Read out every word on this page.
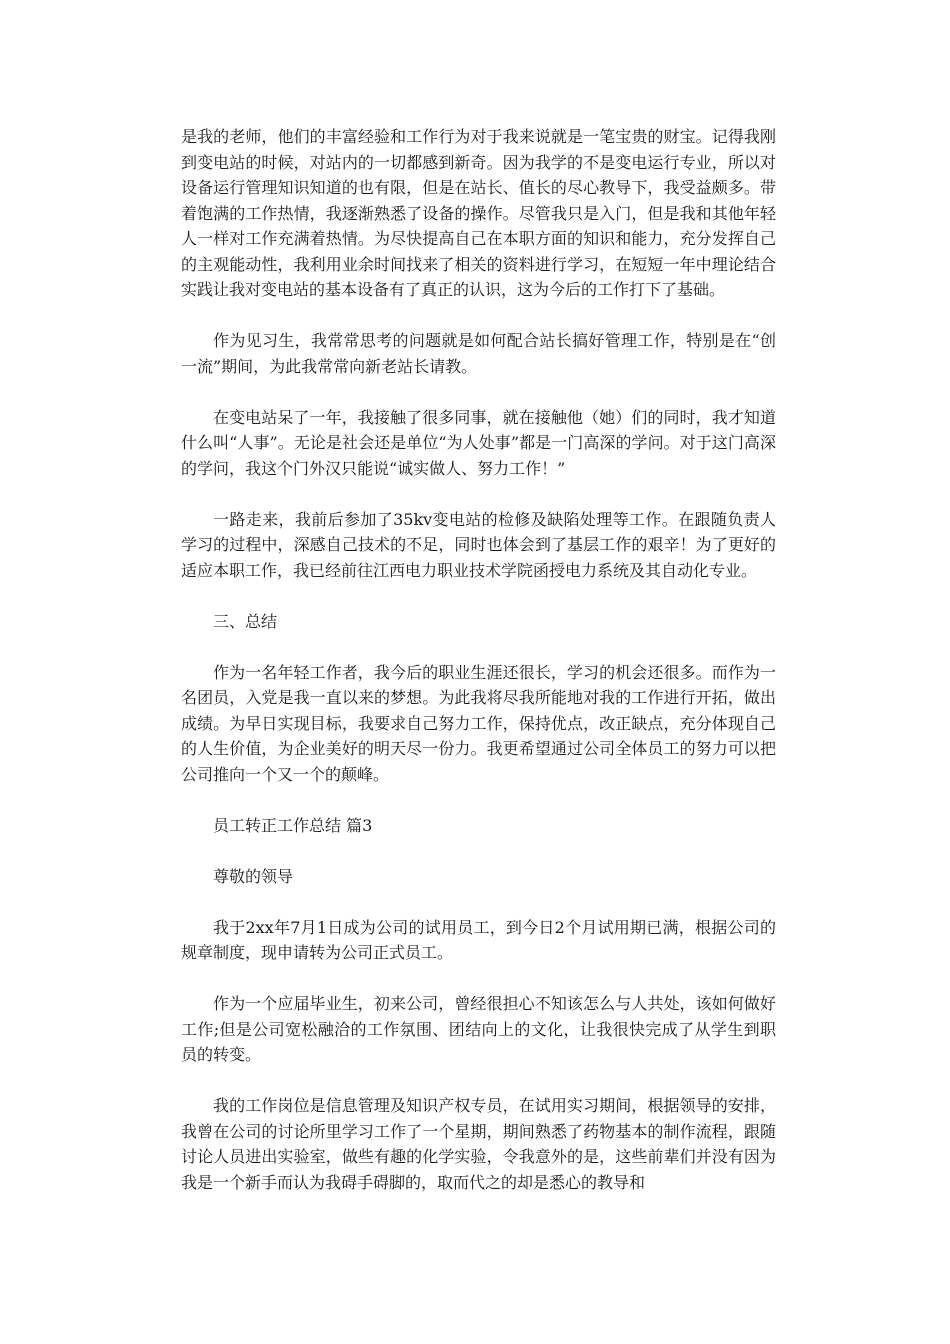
是我的老师，他们的丰富经验和工作行为对于我来说就是一笔宝贵的财宝。记得我刚到变电站的时候，对站内的一切都感到新奇。因为我学的不是变电运行专业，所以对设备运行管理知识知道的也有限，但是在站长、值长的尽心教导下，我受益颇多。带着饱满的工作热情，我逐渐熟悉了设备的操作。尽管我只是入门，但是我和其他年轻人一样对工作充满着热情。为尽快提高自己在本职方面的知识和能力，充分发挥自己的主观能动性，我利用业余时间找来了相关的资料进行学习，在短短一年中理论结合实践让我对变电站的基本设备有了真正的认识，这为今后的工作打下了基础。

作为见习生，我常常思考的问题就是如何配合站长搞好管理工作，特别是在“创一流”期间，为此我常常向新老站长请教。

在变电站呆了一年，我接触了很多同事，就在接触他（她）们的同时，我才知道什么叫“人事”。无论是社会还是单位“为人处事”都是一门高深的学问。对于这门高深的学问，我这个门外汉只能说“诚实做人、努力工作！”

一路走来，我前后参加了35kv变电站的检修及缺陷处理等工作。在跟随负责人学习的过程中，深感自己技术的不足，同时也体会到了基层工作的艰辛！为了更好的适应本职工作，我已经前往江西电力职业技术学院函授电力系统及其自动化专业。

三、总结

作为一名年轻工作者，我今后的职业生涯还很长，学习的机会还很多。而作为一名团员，入党是我一直以来的梦想。为此我将尽我所能地对我的工作进行开拓，做出成绩。为早日实现目标，我要求自己努力工作，保持优点，改正缺点，充分体现自己的人生价值，为企业美好的明天尽一份力。我更希望通过公司全体员工的努力可以把公司推向一个又一个的颠峰。

员工转正工作总结 篇3

尊敬的领导

我于2xx年7月1日成为公司的试用员工，到今日2个月试用期已满，根据公司的规章制度，现申请转为公司正式员工。

作为一个应届毕业生，初来公司，曾经很担心不知该怎么与人共处，该如何做好工作;但是公司宽松融洽的工作氛围、团结向上的文化，让我很快完成了从学生到职员的转变。

我的工作岗位是信息管理及知识产权专员，在试用实习期间，根据领导的安排，我曾在公司的讨论所里学习工作了一个星期，期间熟悉了药物基本的制作流程，跟随讨论人员进出实验室，做些有趣的化学实验，令我意外的是，这些前辈们并没有因为我是一个新手而认为我碍手碍脚的，取而代之的却是悉心的教导和
